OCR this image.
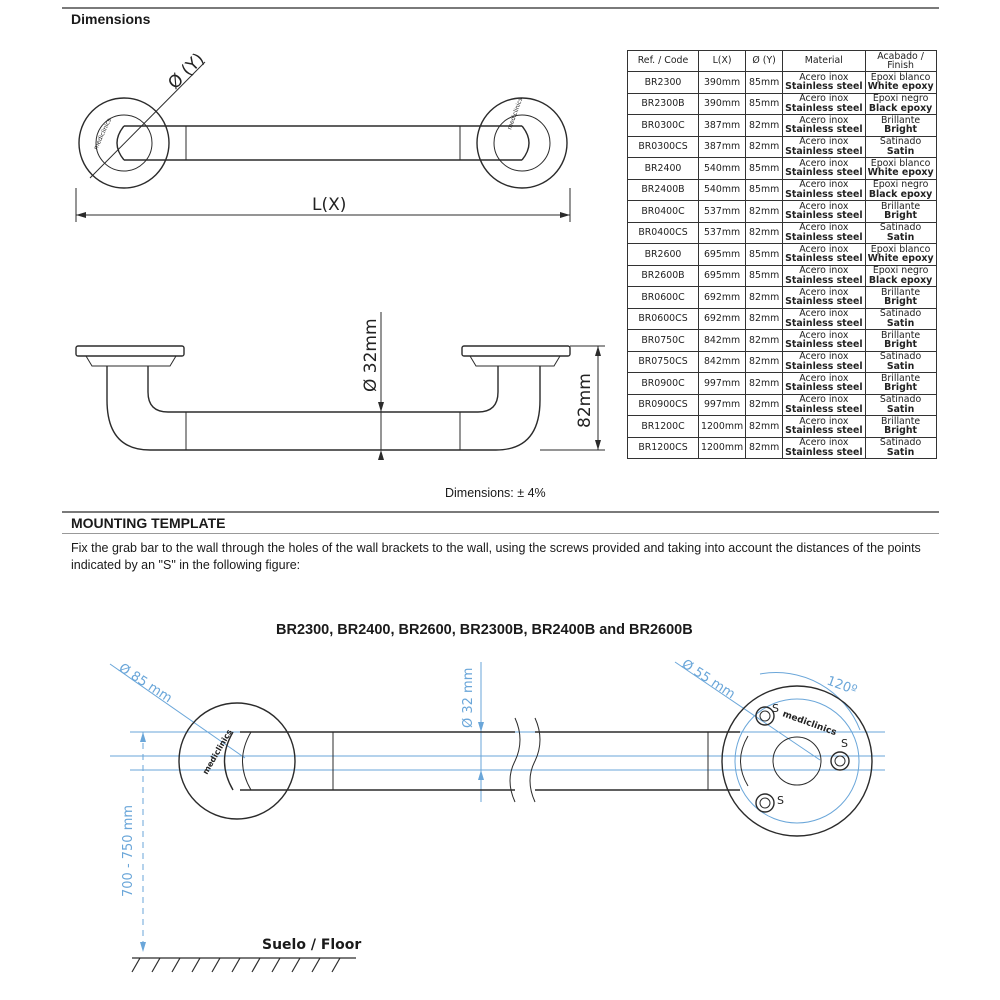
Dimensions
Ø (Y)
L(X)
mediclinics
mediclinics
Ø 32mm
82mm
Dimensions: ± 4%
Ref. / Code	L(X)	Ø (Y)	Material	Acabado /
Finish

BR2300	390mm	85mm	Acero inox
Stainless steel	Epoxi blanco
White epoxy

BR2300B	390mm	85mm	Acero inox
Stainless steel	Epoxi negro
Black epoxy

BR0300C	387mm	82mm	Acero inox
Stainless steel	Brillante
Bright

BR0300CS	387mm	82mm	Acero inox
Stainless steel	Satinado
Satin

BR2400	540mm	85mm	Acero inox
Stainless steel	Epoxi blanco
White epoxy

BR2400B	540mm	85mm	Acero inox
Stainless steel	Epoxi negro
Black epoxy

BR0400C	537mm	82mm	Acero inox
Stainless steel	Brillante
Bright

BR0400CS	537mm	82mm	Acero inox
Stainless steel	Satinado
Satin

BR2600	695mm	85mm	Acero inox
Stainless steel	Epoxi blanco
White epoxy

BR2600B	695mm	85mm	Acero inox
Stainless steel	Epoxi negro
Black epoxy

BR0600C	692mm	82mm	Acero inox
Stainless steel	Brillante
Bright

BR0600CS	692mm	82mm	Acero inox
Stainless steel	Satinado
Satin

BR0750C	842mm	82mm	Acero inox
Stainless steel	Brillante
Bright

BR0750CS	842mm	82mm	Acero inox
Stainless steel	Satinado
Satin

BR0900C	997mm	82mm	Acero inox
Stainless steel	Brillante
Bright

BR0900CS	997mm	82mm	Acero inox
Stainless steel	Satinado
Satin

BR1200C	1200mm	82mm	Acero inox
Stainless steel	Brillante
Bright

BR1200CS	1200mm	82mm	Acero inox
Stainless steel	Satinado
Satin
MOUNTING TEMPLATE
Fix the grab bar to the wall through the holes of the wall brackets to the wall, using the screws provided and taking into account the distances of the points indicated by an "S" in the following figure:
BR2300, BR2400, BR2600, BR2300B, BR2400B and BR2600B
Ø 85 mm	Ø 32 mm	Ø 55 mm	120º
700 - 750 mm
Suelo / Floor
mediclinics
mediclinics
S
S
S
